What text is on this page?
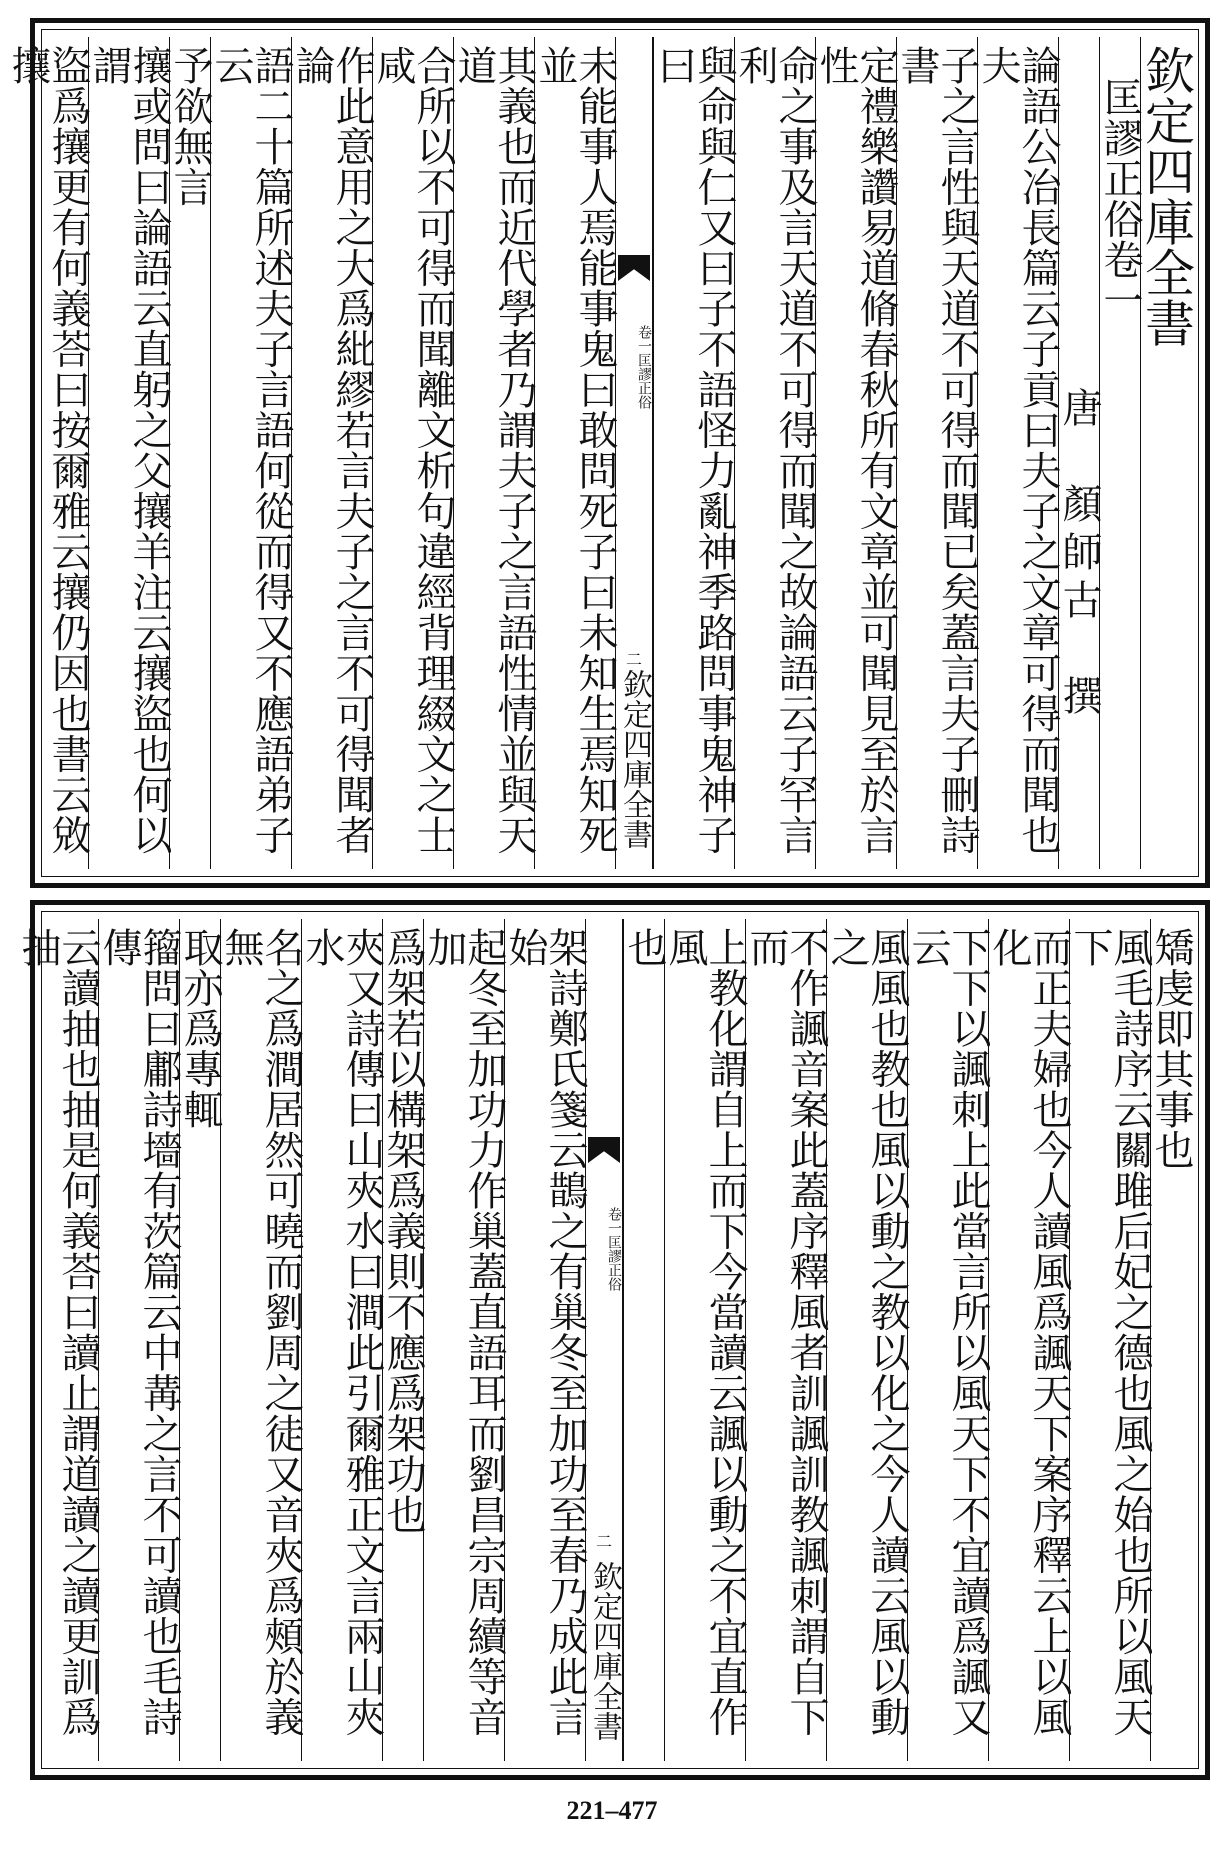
欽定四庫全書
匡謬正俗卷一
唐　顏師古　撰
論語公冶長篇云子貢曰夫子之文章可得而聞也夫
子之言性與天道不可得而聞已矣蓋言夫子刪詩書
定禮樂讚易道脩春秋所有文章並可聞見至於言性
命之事及言天道不可得而聞之故論語云子罕言利
與命與仁又曰子不語怪力亂神季路問事鬼神子曰
欽定四庫全書
匡謬正俗
卷一
二
未能事人焉能事鬼曰敢問死子曰未知生焉知死並
其義也而近代學者乃謂夫子之言語性情並與天道
合所以不可得而聞離文析句違經背理綴文之士咸
作此意用之大爲紕繆若言夫子之言不可得聞者論
語二十篇所述夫子言語何從而得又不應語弟子云
予欲無言
攘或問曰論語云直躬之父攘羊注云攘盜也何以謂
盜爲攘更有何義荅曰按爾雅云攘仍因也書云敓攘
矯虔即其事也
風毛詩序云關雎后妃之德也風之始也所以風天下
而正夫婦也今人讀風爲諷天下案序釋云上以風化
下下以諷刺上此當言所以風天下不宜讀爲諷又云
風風也教也風以動之教以化之今人讀云風以動之
不作諷音案此蓋序釋風者訓諷訓教諷刺謂自下而
上教化謂自上而下今當讀云諷以動之不宜直作風
也
欽定四庫全書
匡謬正俗
卷一
二
架詩鄭氏箋云鵲之有巢冬至加功至春乃成此言始
起冬至加功力作巢蓋直語耳而劉昌宗周續等音加
爲架若以構架爲義則不應爲架功也
夾又詩傳曰山夾水曰澗此引爾雅正文言兩山夾水
名之爲澗居然可曉而劉周之徒又音夾爲頰於義無
取亦爲專輒
籀問曰鄘詩墻有茨篇云中冓之言不可讀也毛詩傳
云讀抽也抽是何義荅曰讀止謂道讀之讀更訓爲抽
221–477
